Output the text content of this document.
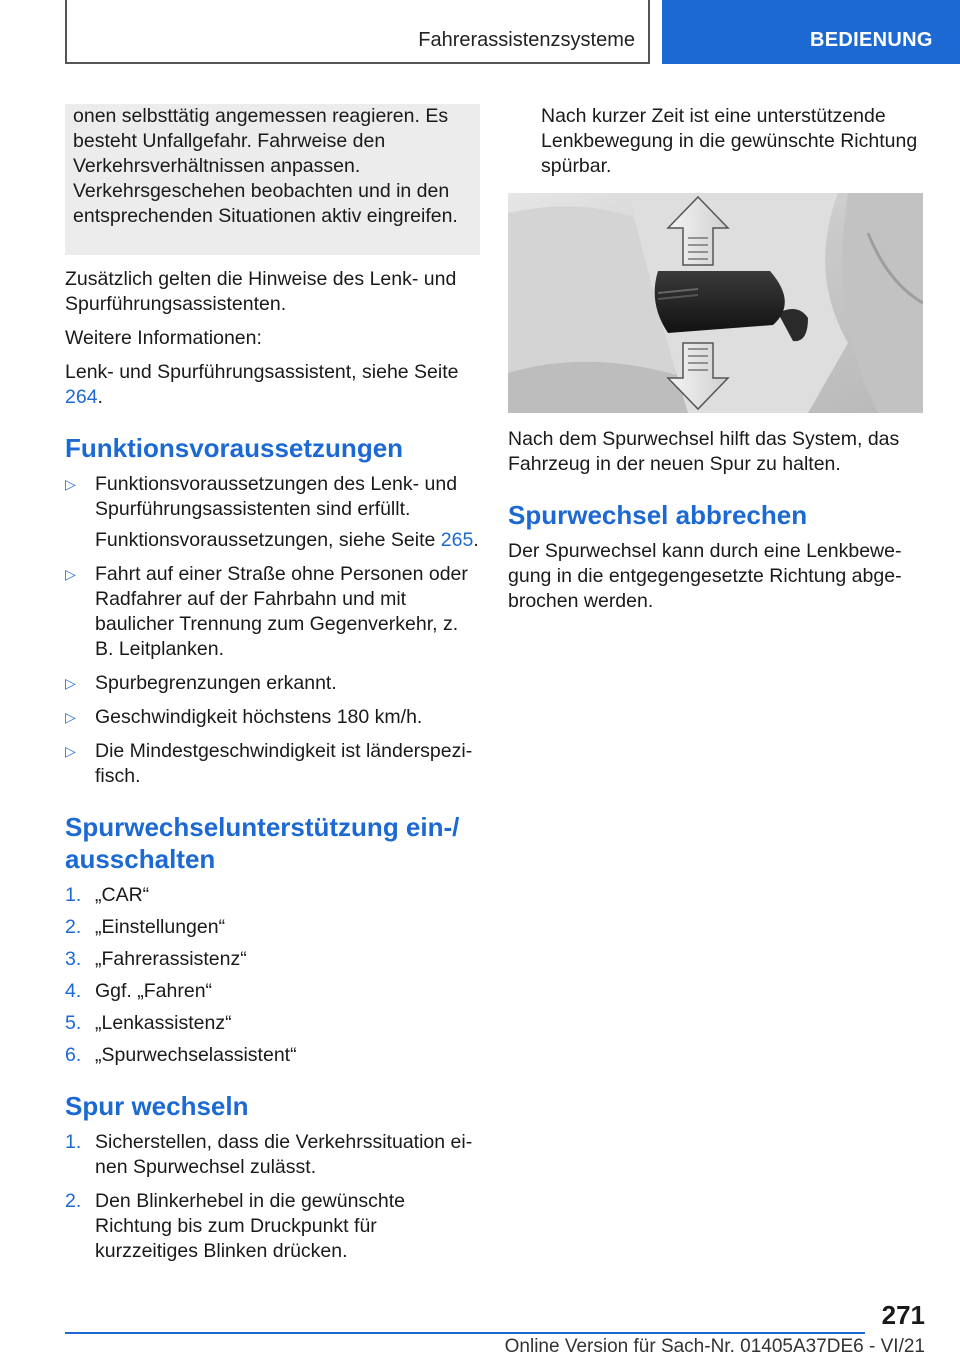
Fahrerassistenzsysteme	BEDIENUNG
onen selbsttätig angemessen reagieren. Es besteht Unfallgefahr. Fahrweise den Verkehrsverhältnissen anpassen. Verkehrsgeschehen beobachten und in den entsprechenden Situationen aktiv eingreifen.

Zusätzlich gelten die Hinweise des Lenk- und Spurführungsassistenten.

Weitere Informationen:

Lenk- und Spurführungsassistent, siehe Seite 264.

Funktionsvoraussetzungen
▷ Funktionsvoraussetzungen des Lenk- und Spurführungsassistenten sind erfüllt.
Funktionsvoraussetzungen, siehe Seite 265.
▷ Fahrt auf einer Straße ohne Personen oder Radfahrer auf der Fahrbahn und mit baulicher Trennung zum Gegenverkehr, z. B. Leitplanken.
▷ Spurbegrenzungen erkannt.
▷ Geschwindigkeit höchstens 180 km/h.
▷ Die Mindestgeschwindigkeit ist länderspezifisch.
Spurwechselunterstützung ein-/ ausschalten
1. „CAR“
2. „Einstellungen“
3. „Fahrerassistenz“
4. Ggf. „Fahren“
5. „Lenkassistenz“
6. „Spurwechselassistent“
Spur wechseln
1. Sicherstellen, dass die Verkehrssituation einen Spurwechsel zulässt.
2. Den Blinkerhebel in die gewünschte Richtung bis zum Druckpunkt für kurzzeitiges Blinken drücken.

Nach kurzer Zeit ist eine unterstützende Lenkbewegung in die gewünschte Richtung spürbar.

Nach dem Spurwechsel hilft das System, das Fahrzeug in der neuen Spur zu halten.

Spurwechsel abbrechen

Der Spurwechsel kann durch eine Lenkbewegung in die entgegengesetzte Richtung abgebrochen werden.

271
Online Version für Sach-Nr. 01405A37DE6 - VI/21
